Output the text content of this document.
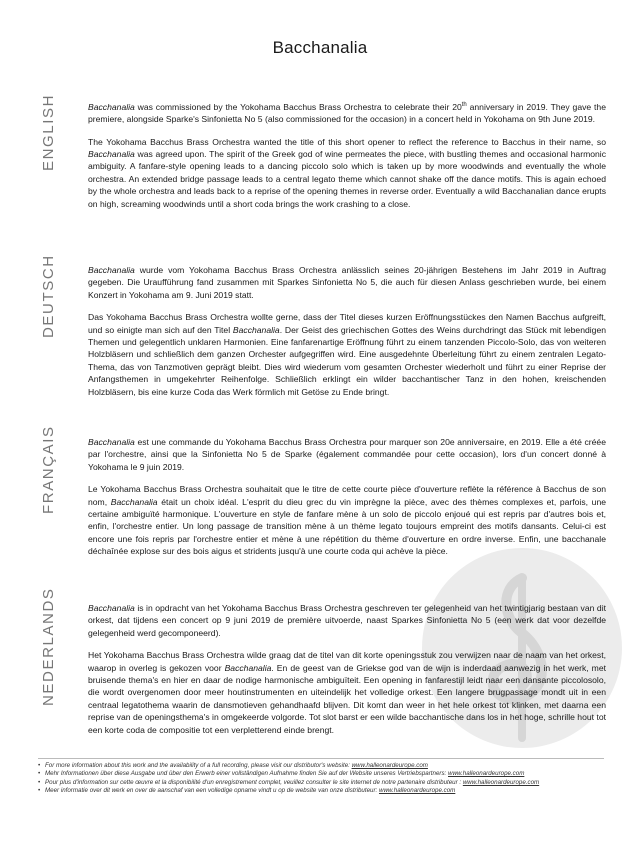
Bacchanalia
ENGLISH	Bacchanalia was commissioned by the Yokohama Bacchus Brass Orchestra to celebrate their 20th anniversary in 2019. They gave the premiere, alongside Sparke's Sinfonietta No 5 (also commissioned for the occasion) in a concert held in Yokohama on 9th June 2019.

The Yokohama Bacchus Brass Orchestra wanted the title of this short opener to reflect the reference to Bacchus in their name, so Bacchanalia was agreed upon. The spirit of the Greek god of wine permeates the piece, with bustling themes and occasional harmonic ambiguity. A fanfare-style opening leads to a dancing piccolo solo which is taken up by more woodwinds and eventually the whole orchestra. An extended bridge passage leads to a central legato theme which cannot shake off the dance motifs. This is again echoed by the whole orchestra and leads back to a reprise of the opening themes in reverse order. Eventually a wild Bacchanalian dance erupts on high, screaming woodwinds until a short coda brings the work crashing to a close.

DEUTSCH	Bacchanalia wurde vom Yokohama Bacchus Brass Orchestra anlässlich seines 20-jährigen Bestehens im Jahr 2019 in Auftrag gegeben. Die Uraufführung fand zusammen mit Sparkes Sinfonietta No 5, die auch für diesen Anlass geschrieben wurde, bei einem Konzert in Yokohama am 9. Juni 2019 statt.

Das Yokohama Bacchus Brass Orchestra wollte gerne, dass der Titel dieses kurzen Eröffnungsstückes den Namen Bacchus aufgreift, und so einigte man sich auf den Titel Bacchanalia. Der Geist des griechischen Gottes des Weins durchdringt das Stück mit lebendigen Themen und gelegentlich unklaren Harmonien. Eine fanfarenartige Eröffnung führt zu einem tanzenden Piccolo-Solo, das von weiteren Holzbläsern und schließlich dem ganzen Orchester aufgegriffen wird. Eine ausgedehnte Überleitung führt zu einem zentralen Legato-Thema, das von Tanzmotiven geprägt bleibt. Dies wird wiederum vom gesamten Orchester wiederholt und führt zu einer Reprise der Anfangsthemen in umgekehrter Reihenfolge. Schließlich erklingt ein wilder bacchantischer Tanz in den hohen, kreischenden Holzbläsern, bis eine kurze Coda das Werk förmlich mit Getöse zu Ende bringt.

FRANÇAIS	Bacchanalia est une commande du Yokohama Bacchus Brass Orchestra pour marquer son 20e anniversaire, en 2019. Elle a été créée par l'orchestre, ainsi que la Sinfonietta No 5 de Sparke (également commandée pour cette occasion), lors d'un concert donné à Yokohama le 9 juin 2019.

Le Yokohama Bacchus Brass Orchestra souhaitait que le titre de cette courte pièce d'ouverture reflète la référence à Bacchus de son nom, Bacchanalia était un choix idéal. L'esprit du dieu grec du vin imprègne la pièce, avec des thèmes complexes et, parfois, une certaine ambiguïté harmonique. L'ouverture en style de fanfare mène à un solo de piccolo enjoué qui est repris par d'autres bois et, enfin, l'orchestre entier. Un long passage de transition mène à un thème legato toujours empreint des motifs dansants. Celui-ci est encore une fois repris par l'orchestre entier et mène à une répétition du thème d'ouverture en ordre inverse. Enfin, une bacchanale déchaînée explose sur des bois aigus et stridents jusqu'à une courte coda qui achève la pièce.

NEDERLANDS	Bacchanalia is in opdracht van het Yokohama Bacchus Brass Orchestra geschreven ter gelegenheid van het twintigjarig bestaan van dit orkest, dat tijdens een concert op 9 juni 2019 de première uitvoerde, naast Sparkes Sinfonietta No 5 (een werk dat voor dezelfde gelegenheid werd gecomponeerd).

Het Yokohama Bacchus Brass Orchestra wilde graag dat de titel van dit korte openingsstuk zou verwijzen naar de naam van het orkest, waarop in overleg is gekozen voor Bacchanalia. En de geest van de Griekse god van de wijn is inderdaad aanwezig in het werk, met bruisende thema's en hier en daar de nodige harmonische ambiguïteit. Een opening in fanfarestijl leidt naar een dansante piccolosolo, die wordt overgenomen door meer houtinstrumenten en uiteindelijk het volledige orkest. Een langere brugpassage mondt uit in een centraal legatothema waarin de dansmotieven gehandhaafd blijven. Dit komt dan weer in het hele orkest tot klinken, met daarna een reprise van de openingsthema's in omgekeerde volgorde. Tot slot barst er een wilde bacchantische dans los in het hoge, schrille hout tot een korte coda de compositie tot een verpletterend einde brengt.

• For more information about this work and the availability of a full recording, please visit our distributor's website: www.halleonardeurope.com
• Mehr Informationen über diese Ausgabe und über den Erwerb einer vollständigen Aufnahme finden Sie auf der Website unseres Vertriebspartners: www.halleonardeurope.com
• Pour plus d'information sur cette œuvre et la disponibilité d'un enregistrement complet, veuillez consulter le site internet de notre partenaire distributeur : www.halleonardeurope.com
• Meer informatie over dit werk en over de aanschaf van een volledige opname vindt u op de website van onze distributeur: www.halleonardeurope.com
